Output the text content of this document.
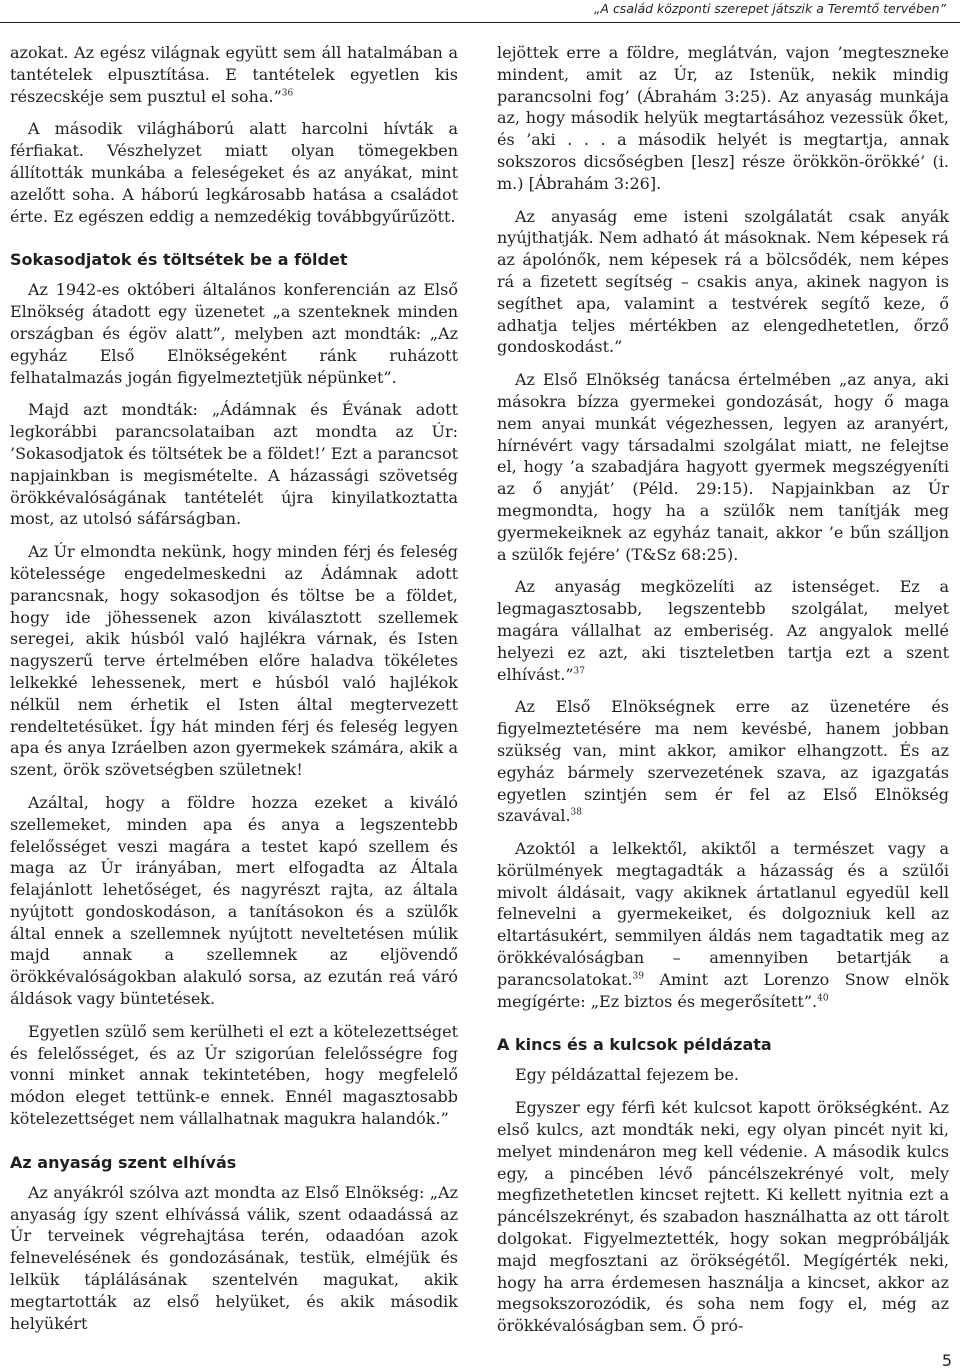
„A család központi szerepet játszik a Teremtő tervében”

azokat. Az egész világnak együtt sem áll hatalmában a tantételek elpusztítása. E tantételek egyetlen kis részecskéje sem pusztul el soha.”$^{36}$

A második világháború alatt harcolni hívták a férfiakat. Vészhelyzet miatt olyan tömegekben állították munkába a feleségeket és az anyákat, mint azelőtt soha. A háború legkárosabb hatása a családot érte. Ez egészen eddig a nemzedékig továbbgyűrűzött.

Sokasodjatok és töltsétek be a földet

Az 1942-es októberi általános konferencián az Első Elnökség átadott egy üzenetet „a szenteknek minden országban és égöv alatt”, melyben azt mondták: „Az egyház Első Elnökségeként ránk ruházott felhatalmazás jogán figyelmeztetjük népünket”.

Majd azt mondták: „Ádámnak és Évának adott legkorábbi parancsolataiban azt mondta az Úr: ’Sokasodjatok és töltsétek be a földet!’ Ezt a parancsot napjainkban is megismételte. A házassági szövetség örökkévalóságának tantételét újra kinyilatkoztatta most, az utolsó sáfárságban.

Az Úr elmondta nekünk, hogy minden férj és feleség kötelessége engedelmeskedni az Ádámnak adott parancsnak, hogy sokasodjon és töltse be a földet, hogy ide jöhessenek azon kiválasztott szellemek seregei, akik húsból való hajlékra várnak, és Isten nagyszerű terve értelmében előre haladva tökéletes lelkekké lehessenek, mert e húsból való hajlékok nélkül nem érhetik el Isten által megtervezett rendeltetésüket. Így hát minden férj és feleség legyen apa és anya Izráelben azon gyermekek számára, akik a szent, örök szövetségben születnek!

Azáltal, hogy a földre hozza ezeket a kiváló szellemeket, minden apa és anya a legszentebb felelősséget veszi magára a testet kapó szellem és maga az Úr irányában, mert elfogadta az Általa felajánlott lehetőséget, és nagyrészt rajta, az általa nyújtott gondoskodáson, a tanításokon és a szülők által ennek a szellemnek nyújtott neveltetésen múlik majd annak a szellemnek az eljövendő örökkévalóságokban alakuló sorsa, az ezután reá váró áldások vagy büntetések.

Egyetlen szülő sem kerülheti el ezt a kötelezettséget és felelősséget, és az Úr szigorúan felelősségre fog vonni minket annak tekintetében, hogy megfelelő módon eleget tettünk-e ennek. Ennél magasztosabb kötelezettséget nem vállalhatnak magukra halandók.”

Az anyaság szent elhívás

Az anyákról szólva azt mondta az Első Elnökség: „Az anyaság így szent elhívássá válik, szent odaadássá az Úr terveinek végrehajtása terén, odaadóan azok felnevelésének és gondozásának, testük, elméjük és lelkük táplálásának szentelvén magukat, akik megtartották az első helyüket, és akik második helyükért

lejöttek erre a földre, meglátván, vajon ’megteszneke mindent, amit az Úr, az Istenük, nekik mindig parancsolni fog’ (Ábrahám 3:25). Az anyaság munkája az, hogy második helyük megtartásához vezessük őket, és ’aki . . . a második helyét is megtartja, annak sokszoros dicsőségben [lesz] része örökkön-örökké’ (i. m.) [Ábrahám 3:26].

Az anyaság eme isteni szolgálatát csak anyák nyújthatják. Nem adható át másoknak. Nem képesek rá az ápolónők, nem képesek rá a bölcsődék, nem képes rá a fizetett segítség – csakis anya, akinek nagyon is segíthet apa, valamint a testvérek segítő keze, ő adhatja teljes mértékben az elengedhetetlen, őrző gondoskodást.”

Az Első Elnökség tanácsa értelmében „az anya, aki másokra bízza gyermekei gondozását, hogy ő maga nem anyai munkát végezhessen, legyen az aranyért, hírnévért vagy társadalmi szolgálat miatt, ne felejtse el, hogy ’a szabadjára hagyott gyermek megszégyeníti az ő anyját’ (Péld. 29:15). Napjainkban az Úr megmondta, hogy ha a szülők nem tanítják meg gyermekeiknek az egyház tanait, akkor ’e bűn szálljon a szülők fejére’ (T&Sz 68:25).

Az anyaság megközelíti az istenséget. Ez a legmagasztosabb, legszentebb szolgálat, melyet magára vállalhat az emberiség. Az angyalok mellé helyezi ez azt, aki tiszteletben tartja ezt a szent elhívást.”$^{37}$

Az Első Elnökségnek erre az üzenetére és figyelmeztetésére ma nem kevésbé, hanem jobban szükség van, mint akkor, amikor elhangzott. És az egyház bármely szervezetének szava, az igazgatás egyetlen szintjén sem ér fel az Első Elnökség szavával.$^{38}$

Azoktól a lelkektől, akiktől a természet vagy a körülmények megtagadták a házasság és a szülői mivolt áldásait, vagy akiknek ártatlanul egyedül kell felnevelni a gyermekeiket, és dolgozniuk kell az eltartásukért, semmilyen áldás nem tagadtatik meg az örökkévalóságban – amennyiben betartják a parancsolatokat.$^{39}$ Amint azt Lorenzo Snow elnök megígérte: „Ez biztos és megerősített”.$^{40}$

A kincs és a kulcsok példázata

Egy példázattal fejezem be.

Egyszer egy férfi két kulcsot kapott örökségként. Az első kulcs, azt mondták neki, egy olyan pincét nyit ki, melyet mindenáron meg kell védenie. A második kulcs egy, a pincében lévő páncélszekrényé volt, mely megfizethetetlen kincset rejtett. Ki kellett nyitnia ezt a páncélszekrényt, és szabadon használhatta az ott tárolt dolgokat. Figyelmeztették, hogy sokan megpróbálják majd megfosztani az örökségétől. Megígérték neki, hogy ha arra érdemesen használja a kincset, akkor az megsokszorozódik, és soha nem fogy el, még az örökkévalóságban sem. Ő pró-

5
